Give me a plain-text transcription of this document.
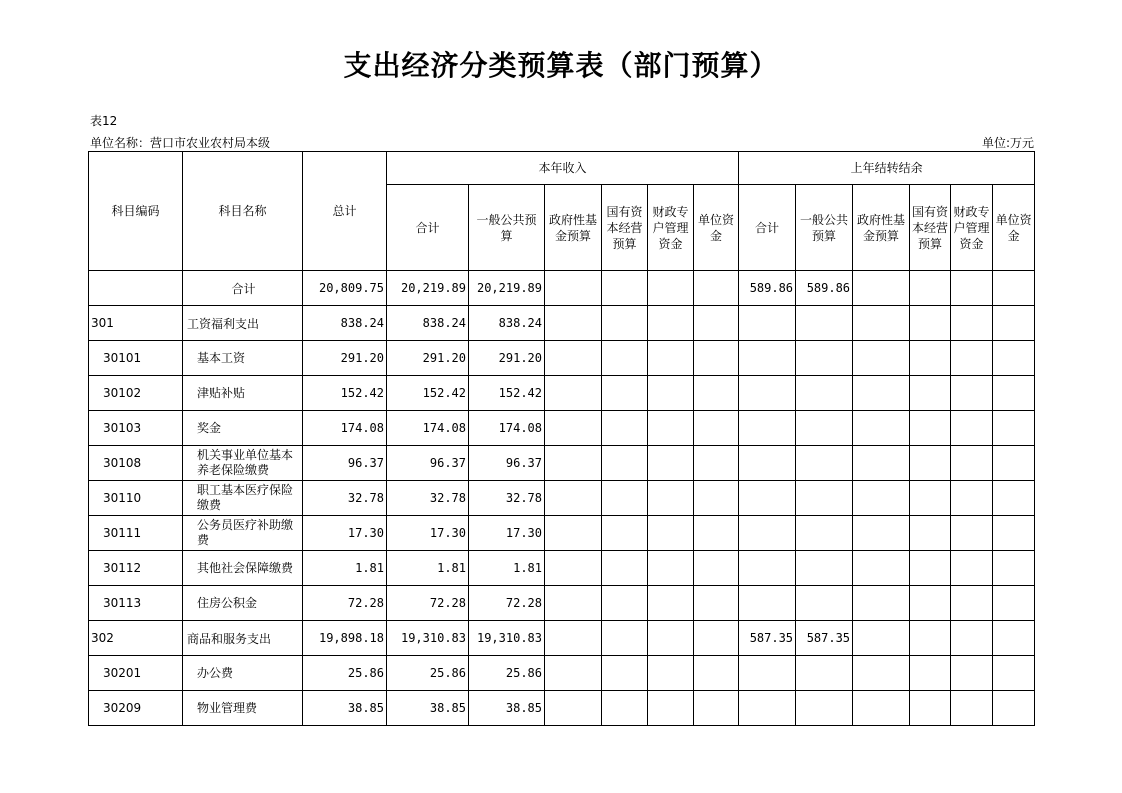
支出经济分类预算表（部门预算）
表12
单位名称：营口市农业农村局本级	单位:万元
科目编码	科目名称	总计	本年收入						上年结转结余					
			合计	一般公共预算	政府性基金预算	国有资本经营预算	财政专户管理资金	单位资金	合计	一般公共预算	政府性基金预算	国有资本经营预算	财政专户管理资金	单位资金
	合计	20,809.75	20,219.89	20,219.89					589.86	589.86				
301	工资福利支出	838.24	838.24	838.24										
30101	基本工资	291.20	291.20	291.20										
30102	津贴补贴	152.42	152.42	152.42										
30103	奖金	174.08	174.08	174.08										
30108	机关事业单位基本养老保险缴费	96.37	96.37	96.37										
30110	职工基本医疗保险缴费	32.78	32.78	32.78										
30111	公务员医疗补助缴费	17.30	17.30	17.30										
30112	其他社会保障缴费	1.81	1.81	1.81										
30113	住房公积金	72.28	72.28	72.28										
302	商品和服务支出	19,898.18	19,310.83	19,310.83					587.35	587.35				
30201	办公费	25.86	25.86	25.86										
30209	物业管理费	38.85	38.85	38.85										
